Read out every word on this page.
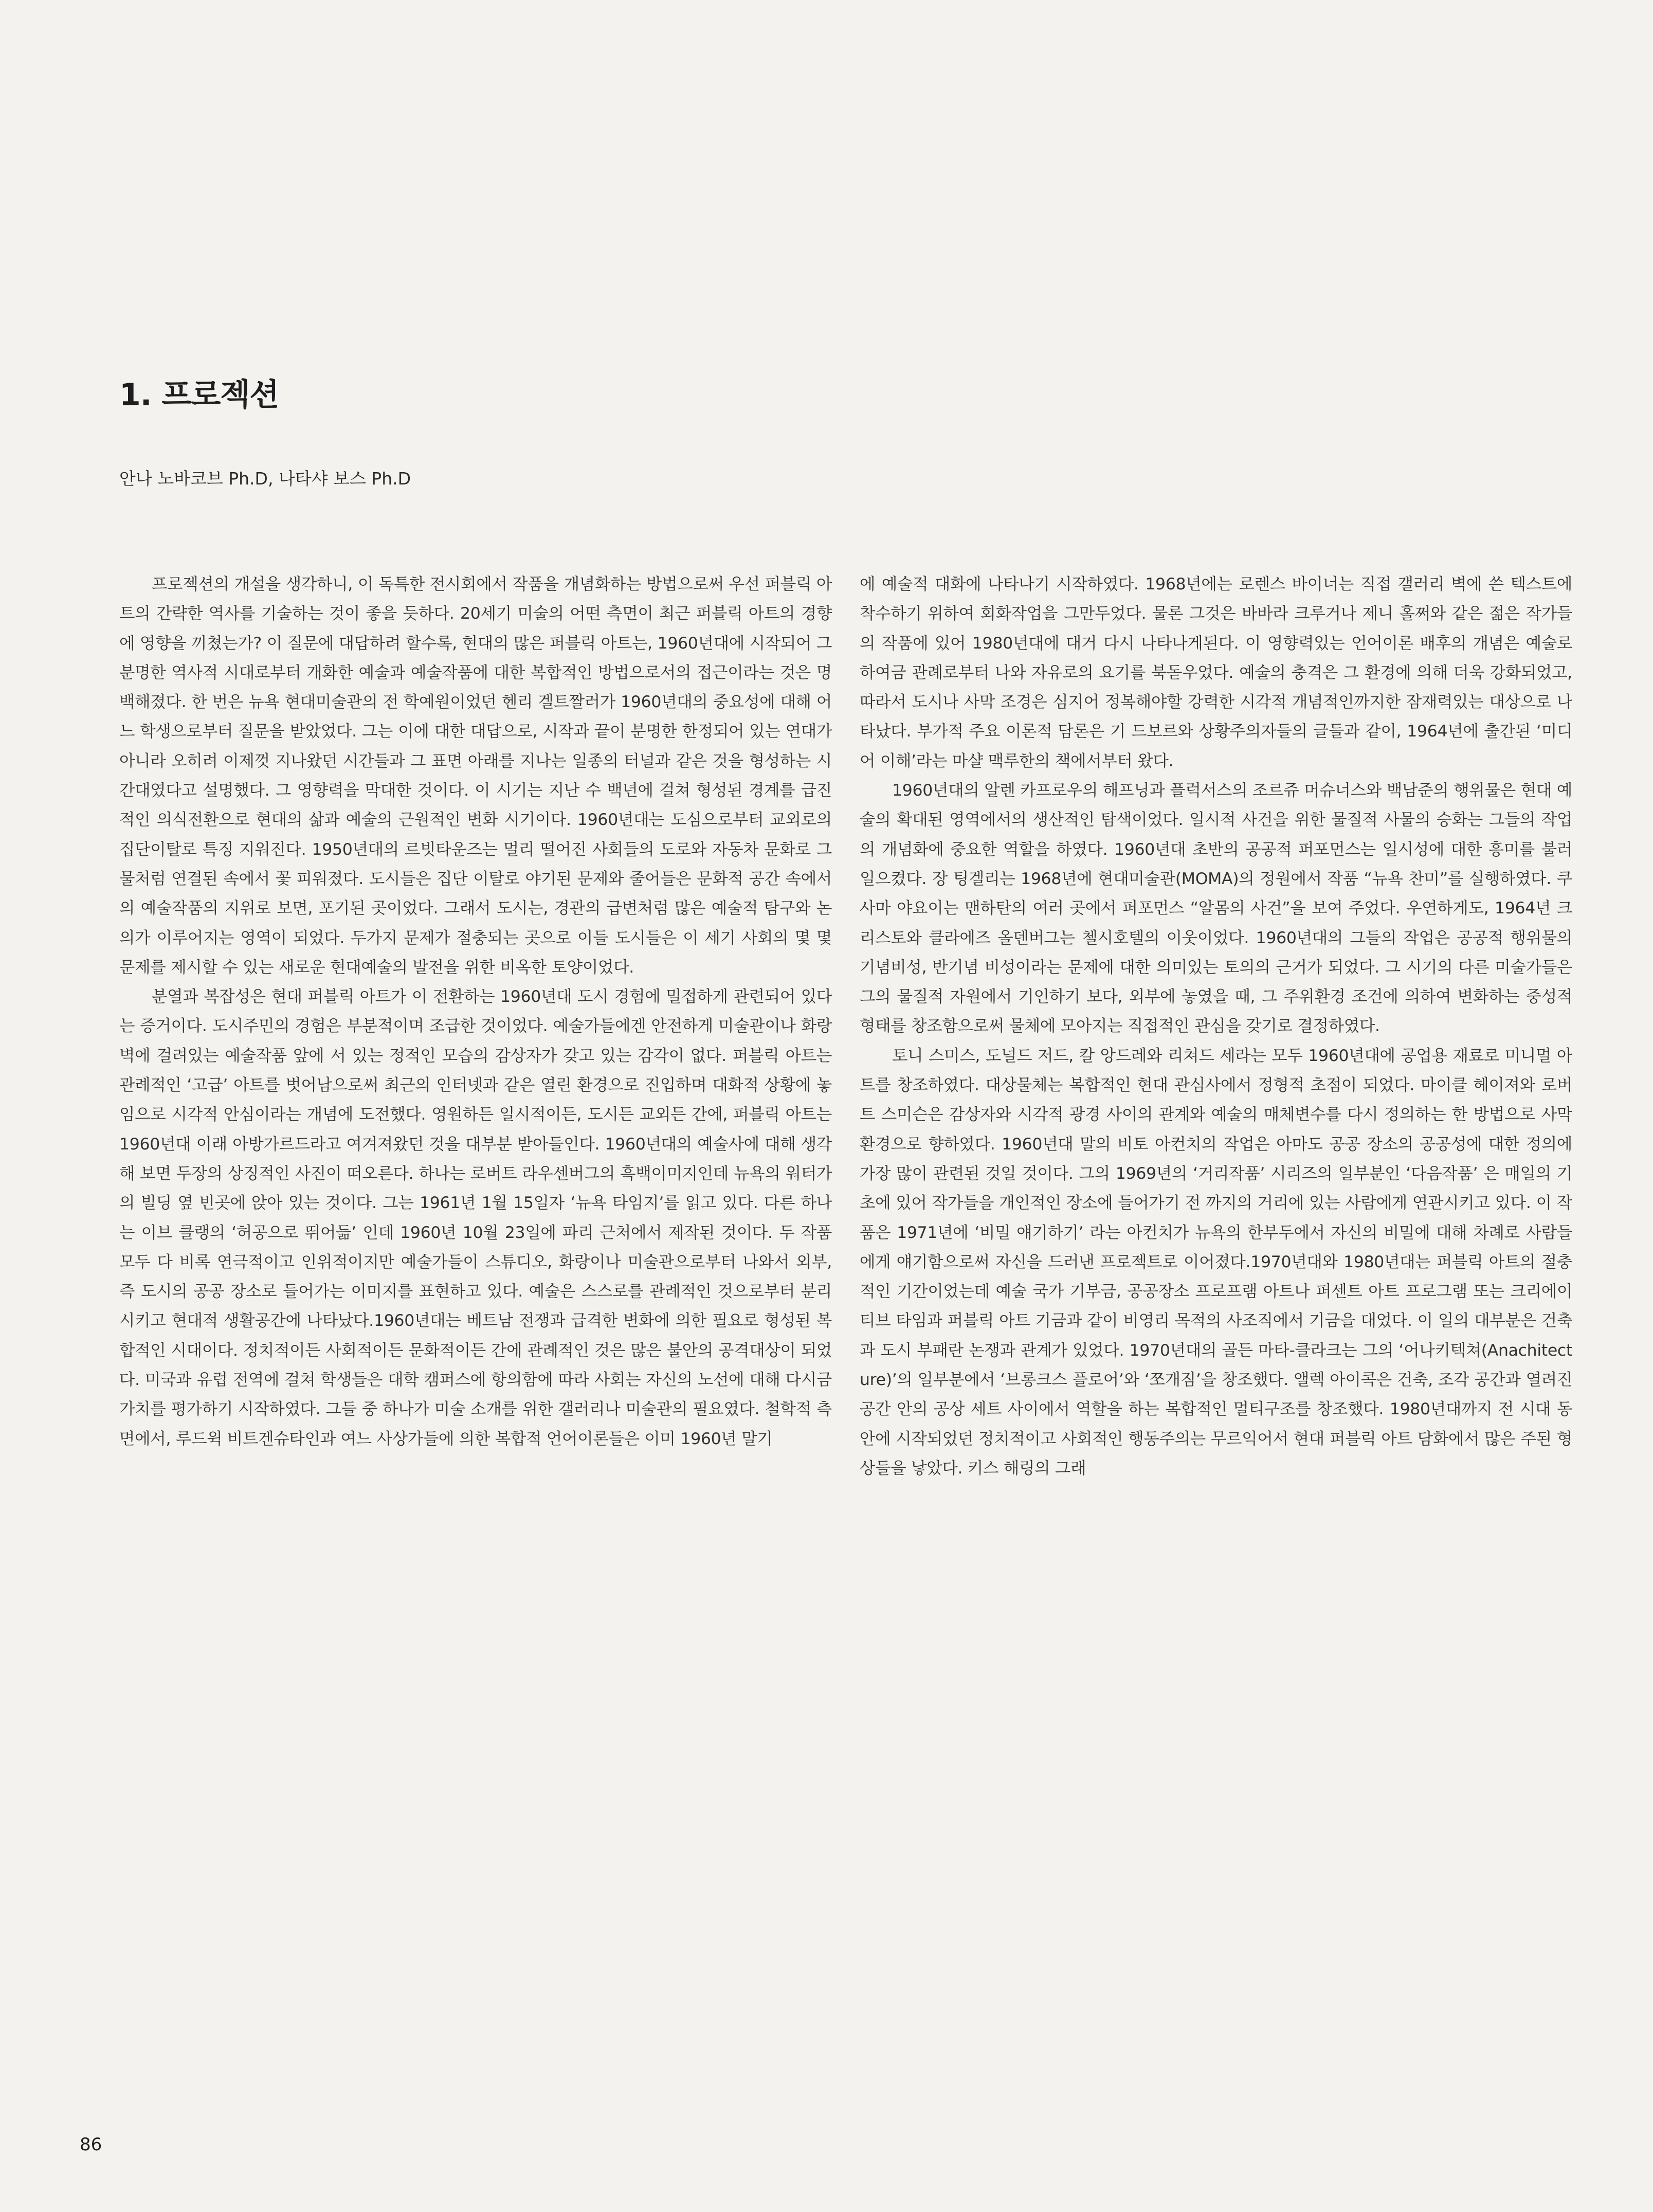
1. 프로젝션

안나 노바코브 Ph.D, 나타샤 보스 Ph.D

프로젝션의 개설을 생각하니, 이 독특한 전시회에서 작품을 개념화하는 방법으로써 우선 퍼블릭 아트의 간략한 역사를 기술하는 것이 좋을 듯하다. 20세기 미술의 어떤 측면이 최근 퍼블릭 아트의 경향에 영향을 끼쳤는가? 이 질문에 대답하려 할수록, 현대의 많은 퍼블릭 아트는, 1960년대에 시작되어 그 분명한 역사적 시대로부터 개화한 예술과 예술작품에 대한 복합적인 방법으로서의 접근이라는 것은 명백해졌다. 한 번은 뉴욕 현대미술관의 전 학예원이었던 헨리 겔트짤러가 1960년대의 중요성에 대해 어느 학생으로부터 질문을 받았었다. 그는 이에 대한 대답으로, 시작과 끝이 분명한 한정되어 있는 연대가 아니라 오히려 이제껏 지나왔던 시간들과 그 표면 아래를 지나는 일종의 터널과 같은 것을 형성하는 시간대였다고 설명했다. 그 영향력을 막대한 것이다. 이 시기는 지난 수 백년에 걸쳐 형성된 경계를 급진적인 의식전환으로 현대의 삶과 예술의 근원적인 변화 시기이다. 1960년대는 도심으로부터 교외로의 집단이탈로 특징 지워진다. 1950년대의 르빗타운즈는 멀리 떨어진 사회들의 도로와 자동차 문화로 그물처럼 연결된 속에서 꽃 피워졌다. 도시들은 집단 이탈로 야기된 문제와 줄어들은 문화적 공간 속에서의 예술작품의 지위로 보면, 포기된 곳이었다. 그래서 도시는, 경관의 급변처럼 많은 예술적 탐구와 논의가 이루어지는 영역이 되었다. 두가지 문제가 절충되는 곳으로 이들 도시들은 이 세기 사회의 몇 몇 문제를 제시할 수 있는 새로운 현대예술의 발전을 위한 비옥한 토양이었다.

분열과 복잡성은 현대 퍼블릭 아트가 이 전환하는 1960년대 도시 경험에 밀접하게 관련되어 있다는 증거이다. 도시주민의 경험은 부분적이며 조급한 것이었다. 예술가들에겐 안전하게 미술관이나 화랑 벽에 걸려있는 예술작품 앞에 서 있는 정적인 모습의 감상자가 갖고 있는 감각이 없다. 퍼블릭 아트는 관례적인 ‘고급’ 아트를 벗어남으로써 최근의 인터넷과 같은 열린 환경으로 진입하며 대화적 상황에 놓임으로 시각적 안심이라는 개념에 도전했다. 영원하든 일시적이든, 도시든 교외든 간에, 퍼블릭 아트는 1960년대 이래 아방가르드라고 여겨져왔던 것을 대부분 받아들인다. 1960년대의 예술사에 대해 생각해 보면 두장의 상징적인 사진이 떠오른다. 하나는 로버트 라우센버그의 흑백이미지인데 뉴욕의 워터가의 빌딩 옆 빈곳에 앉아 있는 것이다. 그는 1961년 1월 15일자 ‘뉴욕 타임지’를 읽고 있다. 다른 하나는 이브 클랭의 ‘허공으로 뛰어듦’ 인데 1960년 10월 23일에 파리 근처에서 제작된 것이다. 두 작품 모두 다 비록 연극적이고 인위적이지만 예술가들이 스튜디오, 화랑이나 미술관으로부터 나와서 외부, 즉 도시의 공공 장소로 들어가는 이미지를 표현하고 있다. 예술은 스스로를 관례적인 것으로부터 분리시키고 현대적 생활공간에 나타났다.1960년대는 베트남 전쟁과 급격한 변화에 의한 필요로 형성된 복합적인 시대이다. 정치적이든 사회적이든 문화적이든 간에 관례적인 것은 많은 불안의 공격대상이 되었다. 미국과 유럽 전역에 걸쳐 학생들은 대학 캠퍼스에 항의함에 따라 사회는 자신의 노선에 대해 다시금 가치를 평가하기 시작하였다. 그들 중 하나가 미술 소개를 위한 갤러리나 미술관의 필요였다. 철학적 측면에서, 루드윅 비트겐슈타인과 여느 사상가들에 의한 복합적 언어이론들은 이미 1960년 말기

에 예술적 대화에 나타나기 시작하였다. 1968년에는 로렌스 바이너는 직접 갤러리 벽에 쓴 텍스트에 착수하기 위하여 회화작업을 그만두었다. 물론 그것은 바바라 크루거나 제니 홀쩌와 같은 젊은 작가들의 작품에 있어 1980년대에 대거 다시 나타나게된다. 이 영향력있는 언어이론 배후의 개념은 예술로 하여금 관례로부터 나와 자유로의 요기를 북돋우었다. 예술의 충격은 그 환경에 의해 더욱 강화되었고, 따라서 도시나 사막 조경은 심지어 정복해야할 강력한 시각적 개념적인까지한 잠재력있는 대상으로 나타났다. 부가적 주요 이론적 담론은 기 드보르와 상황주의자들의 글들과 같이, 1964년에 출간된 ‘미디어 이해’라는 마샬 맥루한의 책에서부터 왔다.

1960년대의 알렌 카프로우의 해프닝과 플럭서스의 조르쥬 머슈너스와 백남준의 행위물은 현대 예술의 확대된 영역에서의 생산적인 탐색이었다. 일시적 사건을 위한 물질적 사물의 승화는 그들의 작업의 개념화에 중요한 역할을 하였다. 1960년대 초반의 공공적 퍼포먼스는 일시성에 대한 흥미를 불러 일으켰다. 장 팅겔리는 1968년에 현대미술관(MOMA)의 정원에서 작품 “뉴욕 찬미”를 실행하였다. 쿠사마 야요이는 맨하탄의 여러 곳에서 퍼포먼스 “알몸의 사건”을 보여 주었다. 우연하게도, 1964년 크리스토와 클라에즈 올덴버그는 첼시호텔의 이웃이었다. 1960년대의 그들의 작업은 공공적 행위물의 기념비성, 반기념 비성이라는 문제에 대한 의미있는 토의의 근거가 되었다. 그 시기의 다른 미술가들은 그의 물질적 자원에서 기인하기 보다, 외부에 놓였을 때, 그 주위환경 조건에 의하여 변화하는 중성적 형태를 창조함으로써 물체에 모아지는 직접적인 관심을 갖기로 결정하였다.

토니 스미스, 도널드 저드, 칼 앙드레와 리쳐드 세라는 모두 1960년대에 공업용 재료로 미니멀 아트를 창조하였다. 대상물체는 복합적인 현대 관심사에서 정형적 초점이 되었다. 마이클 헤이져와 로버트 스미슨은 감상자와 시각적 광경 사이의 관계와 예술의 매체변수를 다시 정의하는 한 방법으로 사막환경으로 향하였다. 1960년대 말의 비토 아컨치의 작업은 아마도 공공 장소의 공공성에 대한 정의에 가장 많이 관련된 것일 것이다. 그의 1969년의 ‘거리작품’ 시리즈의 일부분인 ‘다음작품’ 은 매일의 기초에 있어 작가들을 개인적인 장소에 들어가기 전 까지의 거리에 있는 사람에게 연관시키고 있다. 이 작품은 1971년에 ‘비밀 얘기하기’ 라는 아컨치가 뉴욕의 한부두에서 자신의 비밀에 대해 차례로 사람들에게 얘기함으로써 자신을 드러낸 프로젝트로 이어졌다.1970년대와 1980년대는 퍼블릭 아트의 절충적인 기간이었는데 예술 국가 기부금, 공공장소 프로프램 아트나 퍼센트 아트 프로그램 또는 크리에이티브 타임과 퍼블릭 아트 기금과 같이 비영리 목적의 사조직에서 기금을 대었다. 이 일의 대부분은 건축과 도시 부패란 논쟁과 관계가 있었다. 1970년대의 골든 마타-클라크는 그의 ‘어나키텍쳐(Anachitecture)’의 일부분에서 ‘브롱크스 플로어’와 ‘쪼개짐’을 창조했다. 앨렉 아이콕은 건축, 조각 공간과 열려진 공간 안의 공상 세트 사이에서 역할을 하는 복합적인 멀티구조를 창조했다. 1980년대까지 전 시대 동안에 시작되었던 정치적이고 사회적인 행동주의는 무르익어서 현대 퍼블릭 아트 담화에서 많은 주된 형상들을 낳았다. 키스 해링의 그래

86
